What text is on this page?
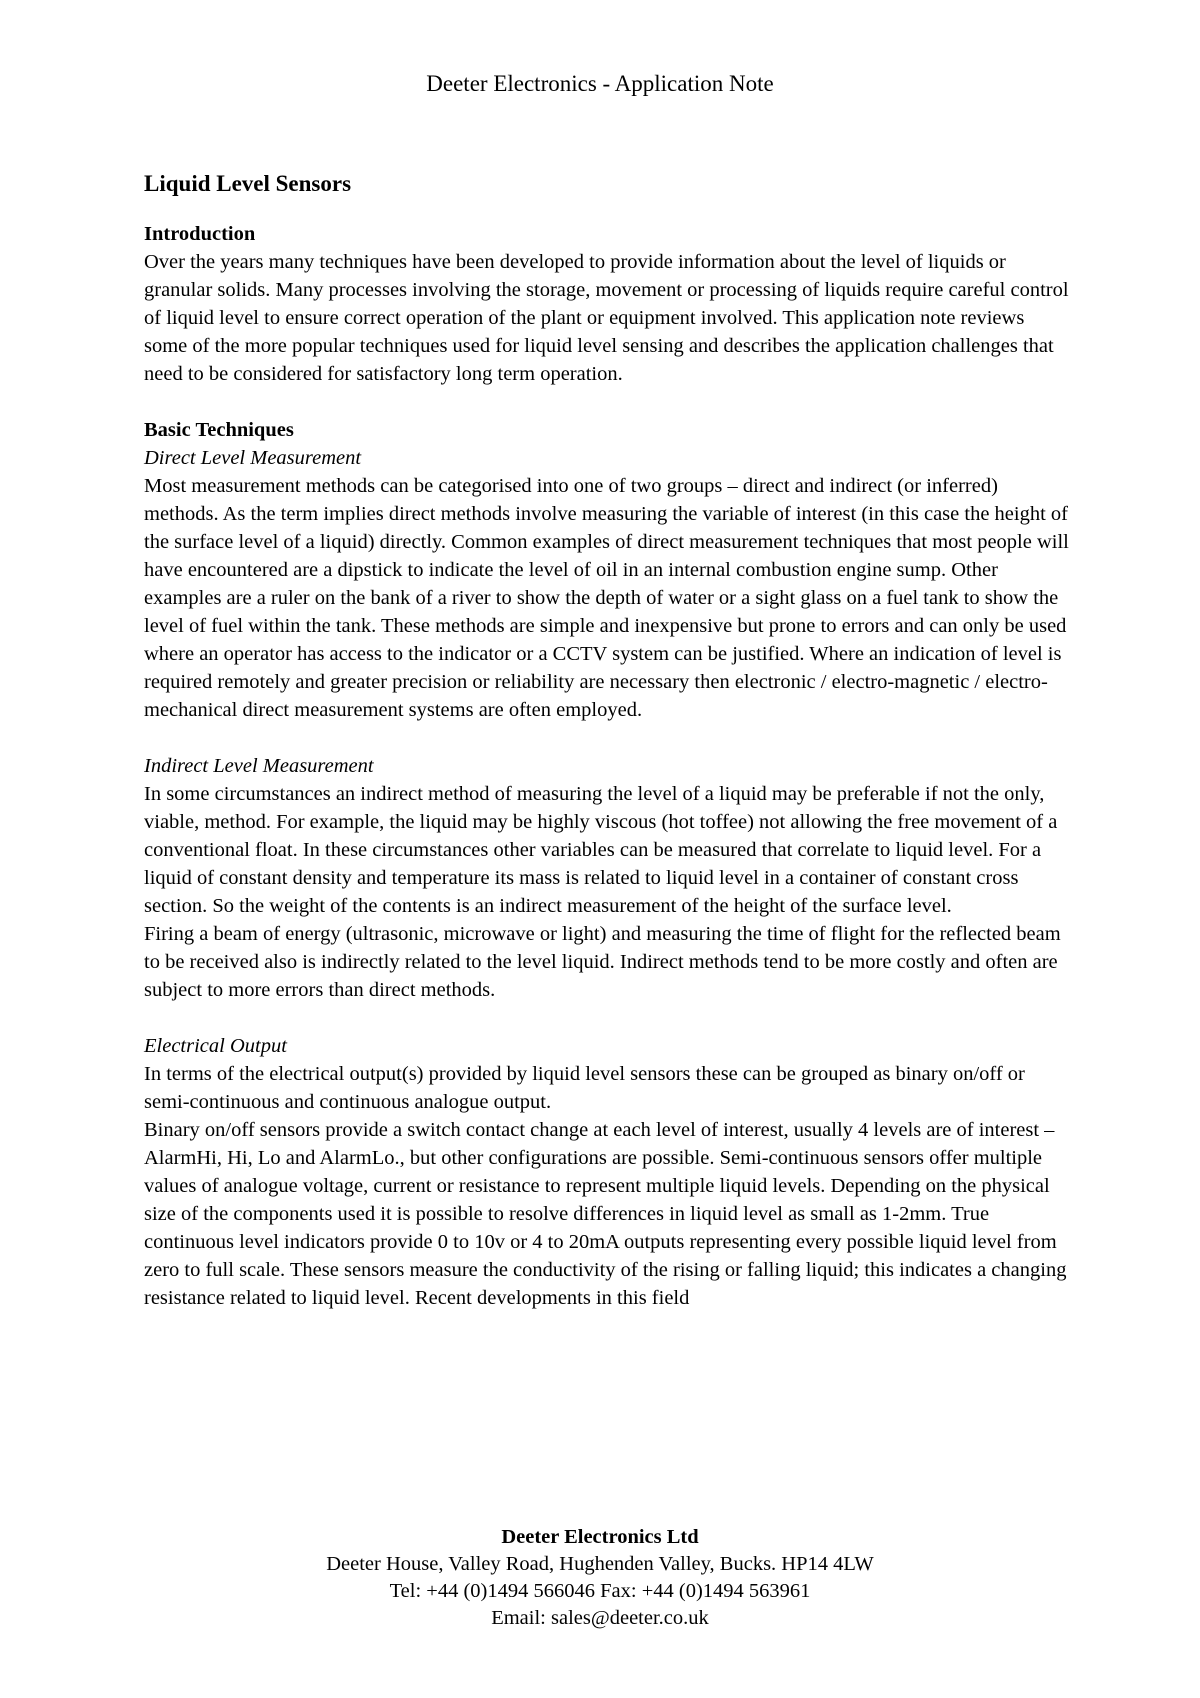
Deeter Electronics - Application Note
Liquid Level Sensors
Introduction

Over the years many techniques have been developed to provide information about the level of liquids or granular solids. Many processes involving the storage, movement or processing of liquids require careful control of liquid level to ensure correct operation of the plant or equipment involved. This application note reviews some of the more popular techniques used for liquid level sensing and describes the application challenges that need to be considered for satisfactory long term operation.

Basic Techniques
Direct Level Measurement

Most measurement methods can be categorised into one of two groups – direct and indirect (or inferred) methods. As the term implies direct methods involve measuring the variable of interest (in this case the height of the surface level of a liquid) directly. Common examples of direct measurement techniques that most people will have encountered are a dipstick to indicate the level of oil in an internal combustion engine sump. Other examples are a ruler on the bank of a river to show the depth of water or a sight glass on a fuel tank to show the level of fuel within the tank. These methods are simple and inexpensive but prone to errors and can only be used where an operator has access to the indicator or a CCTV system can be justified. Where an indication of level is required remotely and greater precision or reliability are necessary then electronic / electro-magnetic / electro-mechanical direct measurement systems are often employed.

Indirect Level Measurement

In some circumstances an indirect method of measuring the level of a liquid may be preferable if not the only, viable, method. For example, the liquid may be highly viscous (hot toffee) not allowing the free movement of a conventional float. In these circumstances other variables can be measured that correlate to liquid level. For a liquid of constant density and temperature its mass is related to liquid level in a container of constant cross section. So the weight of the contents is an indirect measurement of the height of the surface level.

Firing a beam of energy (ultrasonic, microwave or light) and measuring the time of flight for the reflected beam to be received also is indirectly related to the level liquid. Indirect methods tend to be more costly and often are subject to more errors than direct methods.

Electrical Output

In terms of the electrical output(s) provided by liquid level sensors these can be grouped as binary on/off or semi-continuous and continuous analogue output.

Binary on/off sensors provide a switch contact change at each level of interest, usually 4 levels are of interest – AlarmHi, Hi, Lo and AlarmLo., but other configurations are possible. Semi-continuous sensors offer multiple values of analogue voltage, current or resistance to represent multiple liquid levels. Depending on the physical size of the components used it is possible to resolve differences in liquid level as small as 1-2mm. True continuous level indicators provide 0 to 10v or 4 to 20mA outputs representing every possible liquid level from zero to full scale. These sensors measure the conductivity of the rising or falling liquid; this indicates a changing resistance related to liquid level. Recent developments in this field

Deeter Electronics Ltd
Deeter House, Valley Road, Hughenden Valley, Bucks. HP14 4LW
Tel: +44 (0)1494 566046 Fax: +44 (0)1494 563961
Email: sales@deeter.co.uk
